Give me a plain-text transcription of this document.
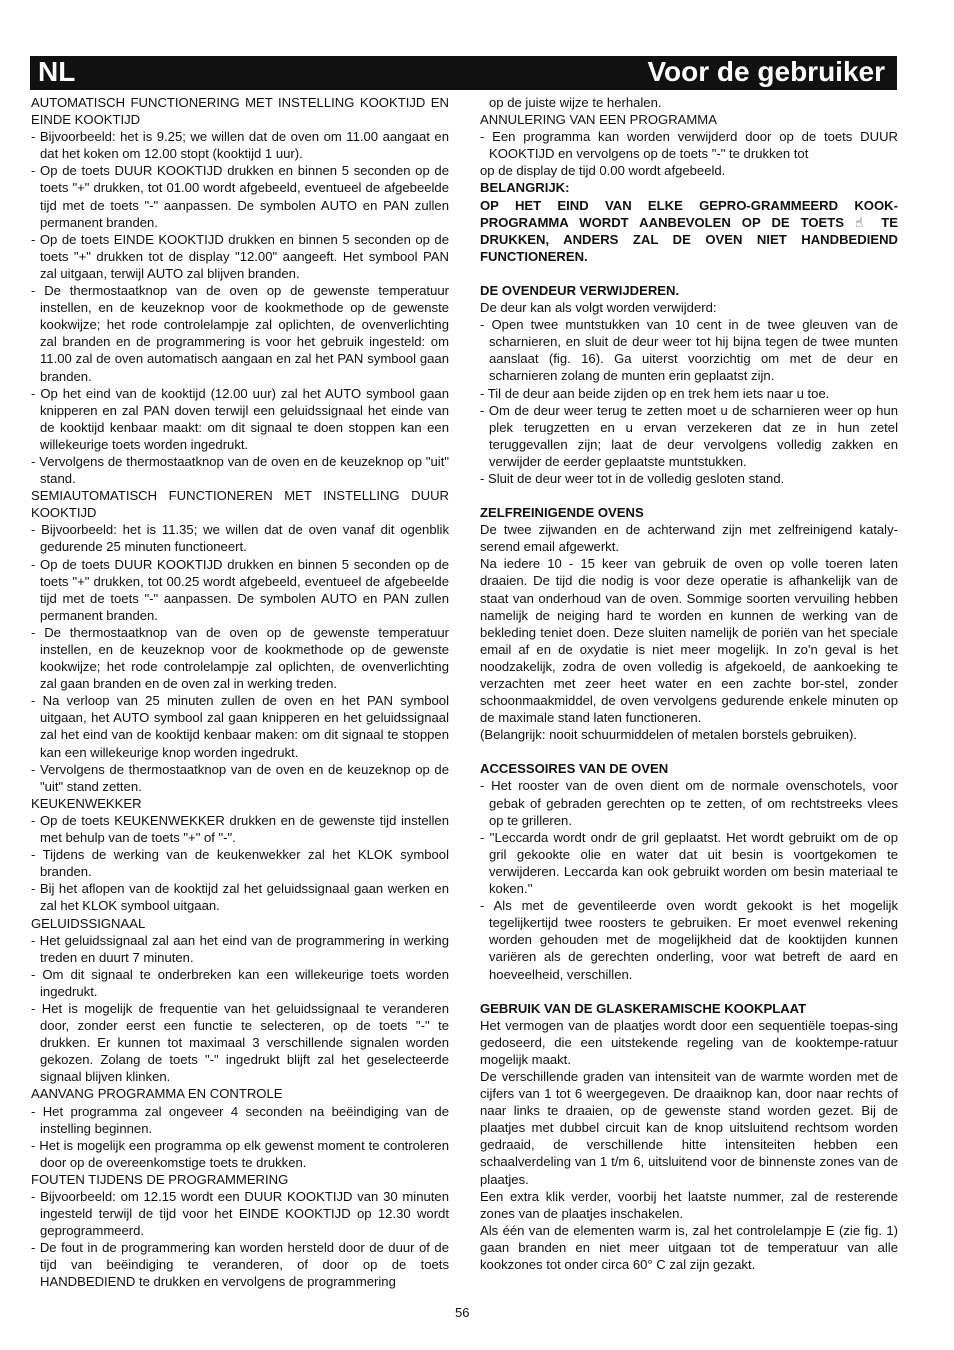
NL	Voor de gebruiker

AUTOMATISCH FUNCTIONERING MET INSTELLING KOOKTIJD EN EINDE KOOKTIJD

- Bijvoorbeeld: het is 9.25; we willen dat de oven om 11.00 aangaat en dat het koken om 12.00 stopt (kooktijd 1 uur).

- Op de toets DUUR KOOKTIJD drukken en binnen 5 seconden op de toets "+" drukken, tot 01.00 wordt afgebeeld, eventueel de afgebeelde tijd met de toets "-" aanpassen. De symbolen AUTO en PAN zullen permanent branden.

- Op de toets EINDE KOOKTIJD drukken en binnen 5 seconden op de toets "+" drukken tot de display "12.00" aangeeft. Het symbool PAN zal uitgaan, terwijl AUTO zal blijven branden.

- De thermostaatknop van de oven op de gewenste temperatuur instellen, en de keuzeknop voor de kookmethode op de gewenste kookwijze; het rode controlelampje zal oplichten, de ovenverlichting zal branden en de programmering is voor het gebruik ingesteld: om 11.00 zal de oven automatisch aangaan en zal het PAN symbool gaan branden.

- Op het eind van de kooktijd (12.00 uur) zal het AUTO symbool gaan knipperen en zal PAN doven terwijl een geluidssignaal het einde van de kooktijd kenbaar maakt: om dit signaal te doen stoppen kan een willekeurige toets worden ingedrukt.

- Vervolgens de thermostaatknop van de oven en de keuzeknop op "uit" stand.

SEMIAUTOMATISCH FUNCTIONEREN MET INSTELLING DUUR KOOKTIJD

- Bijvoorbeeld: het is 11.35; we willen dat de oven vanaf dit ogenblik gedurende 25 minuten functioneert.

- Op de toets DUUR KOOKTIJD drukken en binnen 5 seconden op de toets "+" drukken, tot 00.25 wordt afgebeeld, eventueel de afgebeelde tijd met de toets "-" aanpassen. De symbolen AUTO en PAN zullen permanent branden.

- De thermostaatknop van de oven op de gewenste temperatuur instellen, en de keuzeknop voor de kookmethode op de gewenste kookwijze; het rode controlelampje zal oplichten, de ovenverlichting zal gaan branden en de oven zal in werking treden.

- Na verloop van 25 minuten zullen de oven en het PAN symbool uitgaan, het AUTO symbool zal gaan knipperen en het geluidssignaal zal het eind van de kooktijd kenbaar maken: om dit signaal te stoppen kan een willekeurige knop worden ingedrukt.

- Vervolgens de thermostaatknop van de oven en de keuzeknop op de "uit" stand zetten.

KEUKENWEKKER

- Op de toets KEUKENWEKKER drukken en de gewenste tijd instellen met behulp van de toets "+" of "-".

- Tijdens de werking van de keukenwekker zal het KLOK symbool branden.

- Bij het aflopen van de kooktijd zal het geluidssignaal gaan werken en zal het KLOK symbool uitgaan.

GELUIDSSIGNAAL

- Het geluidssignaal zal aan het eind van de programmering in werking treden en duurt 7 minuten.

- Om dit signaal te onderbreken kan een willekeurige toets worden ingedrukt.

- Het is mogelijk de frequentie van het geluidssignaal te veranderen door, zonder eerst een functie te selecteren, op de toets "-" te drukken. Er kunnen tot maximaal 3 verschillende signalen worden gekozen. Zolang de toets "-" ingedrukt blijft zal het geselecteerde signaal blijven klinken.

AANVANG PROGRAMMA EN CONTROLE

- Het programma zal ongeveer 4 seconden na beëindiging van de instelling beginnen.

- Het is mogelijk een programma op elk gewenst moment te controleren door op de overeenkomstige toets te drukken.

FOUTEN TIJDENS DE PROGRAMMERING

- Bijvoorbeeld: om 12.15 wordt een DUUR KOOKTIJD van 30 minuten ingesteld terwijl de tijd voor het EINDE KOOKTIJD op 12.30 wordt geprogrammeerd.

- De fout in de programmering kan worden hersteld door de duur of de tijd van beëindiging te veranderen, of door op de toets HANDBEDIEND te drukken en vervolgens de programmering

op de juiste wijze te herhalen.

ANNULERING VAN EEN PROGRAMMA

- Een programma kan worden verwijderd door op de toets DUUR KOOKTIJD en vervolgens op de toets "-" te drukken tot

op de display de tijd 0.00 wordt afgebeeld.

BELANGRIJK:

OP HET EIND VAN ELKE GEPRO-GRAMMEERD KOOK-PROGRAMMA WORDT AANBEVOLEN OP DE TOETS ☝ TE DRUKKEN, ANDERS ZAL DE OVEN NIET HANDBEDIEND FUNCTIONEREN.

DE OVENDEUR VERWIJDEREN.

De deur kan als volgt worden verwijderd:

- Open twee muntstukken van 10 cent in de twee gleuven van de scharnieren, en sluit de deur weer tot hij bijna tegen de twee munten aanslaat (fig. 16). Ga uiterst voorzichtig om met de deur en scharnieren zolang de munten erin geplaatst zijn.

- Til de deur aan beide zijden op en trek hem iets naar u toe.

- Om de deur weer terug te zetten moet u de scharnieren weer op hun plek terugzetten en u ervan verzekeren dat ze in hun zetel teruggevallen zijn; laat de deur vervolgens volledig zakken en verwijder de eerder geplaatste muntstukken.

- Sluit de deur weer tot in de volledig gesloten stand.

ZELFREINIGENDE OVENS

De twee zijwanden en de achterwand zijn met zelfreinigend kataly-serend email afgewerkt.

Na iedere 10 - 15 keer van gebruik de oven op volle toeren laten draaien. De tijd die nodig is voor deze operatie is afhankelijk van de staat van onderhoud van de oven. Sommige soorten vervuiling hebben namelijk de neiging hard te worden en kunnen de werking van de bekleding teniet doen. Deze sluiten namelijk de poriën van het speciale email af en de oxydatie is niet meer mogelijk. In zo'n geval is het noodzakelijk, zodra de oven volledig is afgekoeld, de aankoeking te verzachten met zeer heet water en een zachte bor-stel, zonder schoonmaakmiddel, de oven vervolgens gedurende enkele minuten op de maximale stand laten functioneren.

(Belangrijk: nooit schuurmiddelen of metalen borstels gebruiken).

ACCESSOIRES VAN DE OVEN

- Het rooster van de oven dient om de normale ovenschotels, voor gebak of gebraden gerechten op te zetten, of om rechtstreeks vlees op te grilleren.

- ''Leccarda wordt ondr de gril geplaatst. Het wordt gebruikt om de op gril gekookte olie en water dat uit besin is voortgekomen te verwijderen. Leccarda kan ook gebruikt worden om besin materiaal te koken.''

- Als met de geventileerde oven wordt gekookt is het mogelijk tegelijkertijd twee roosters te gebruiken. Er moet evenwel rekening worden gehouden met de mogelijkheid dat de kooktijden kunnen variëren als de gerechten onderling, voor wat betreft de aard en hoeveelheid, verschillen.

GEBRUIK VAN DE GLASKERAMISCHE KOOKPLAAT

Het vermogen van de plaatjes wordt door een sequentiële toepas-sing gedoseerd, die een uitstekende regeling van de kooktempe-ratuur mogelijk maakt.

De verschillende graden van intensiteit van de warmte worden met de cijfers van 1 tot 6 weergegeven. De draaiknop kan, door naar rechts of naar links te draaien, op de gewenste stand worden gezet. Bij de plaatjes met dubbel circuit kan de knop uitsluitend rechtsom worden gedraaid, de verschillende hitte intensiteiten hebben een schaalverdeling van 1 t/m 6, uitsluitend voor de binnenste zones van de plaatjes.

Een extra klik verder, voorbij het laatste nummer, zal de resterende zones van de plaatjes inschakelen.

Als één van de elementen warm is, zal het controlelampje E (zie fig. 1) gaan branden en niet meer uitgaan tot de temperatuur van alle kookzones tot onder circa 60° C zal zijn gezakt.

56
